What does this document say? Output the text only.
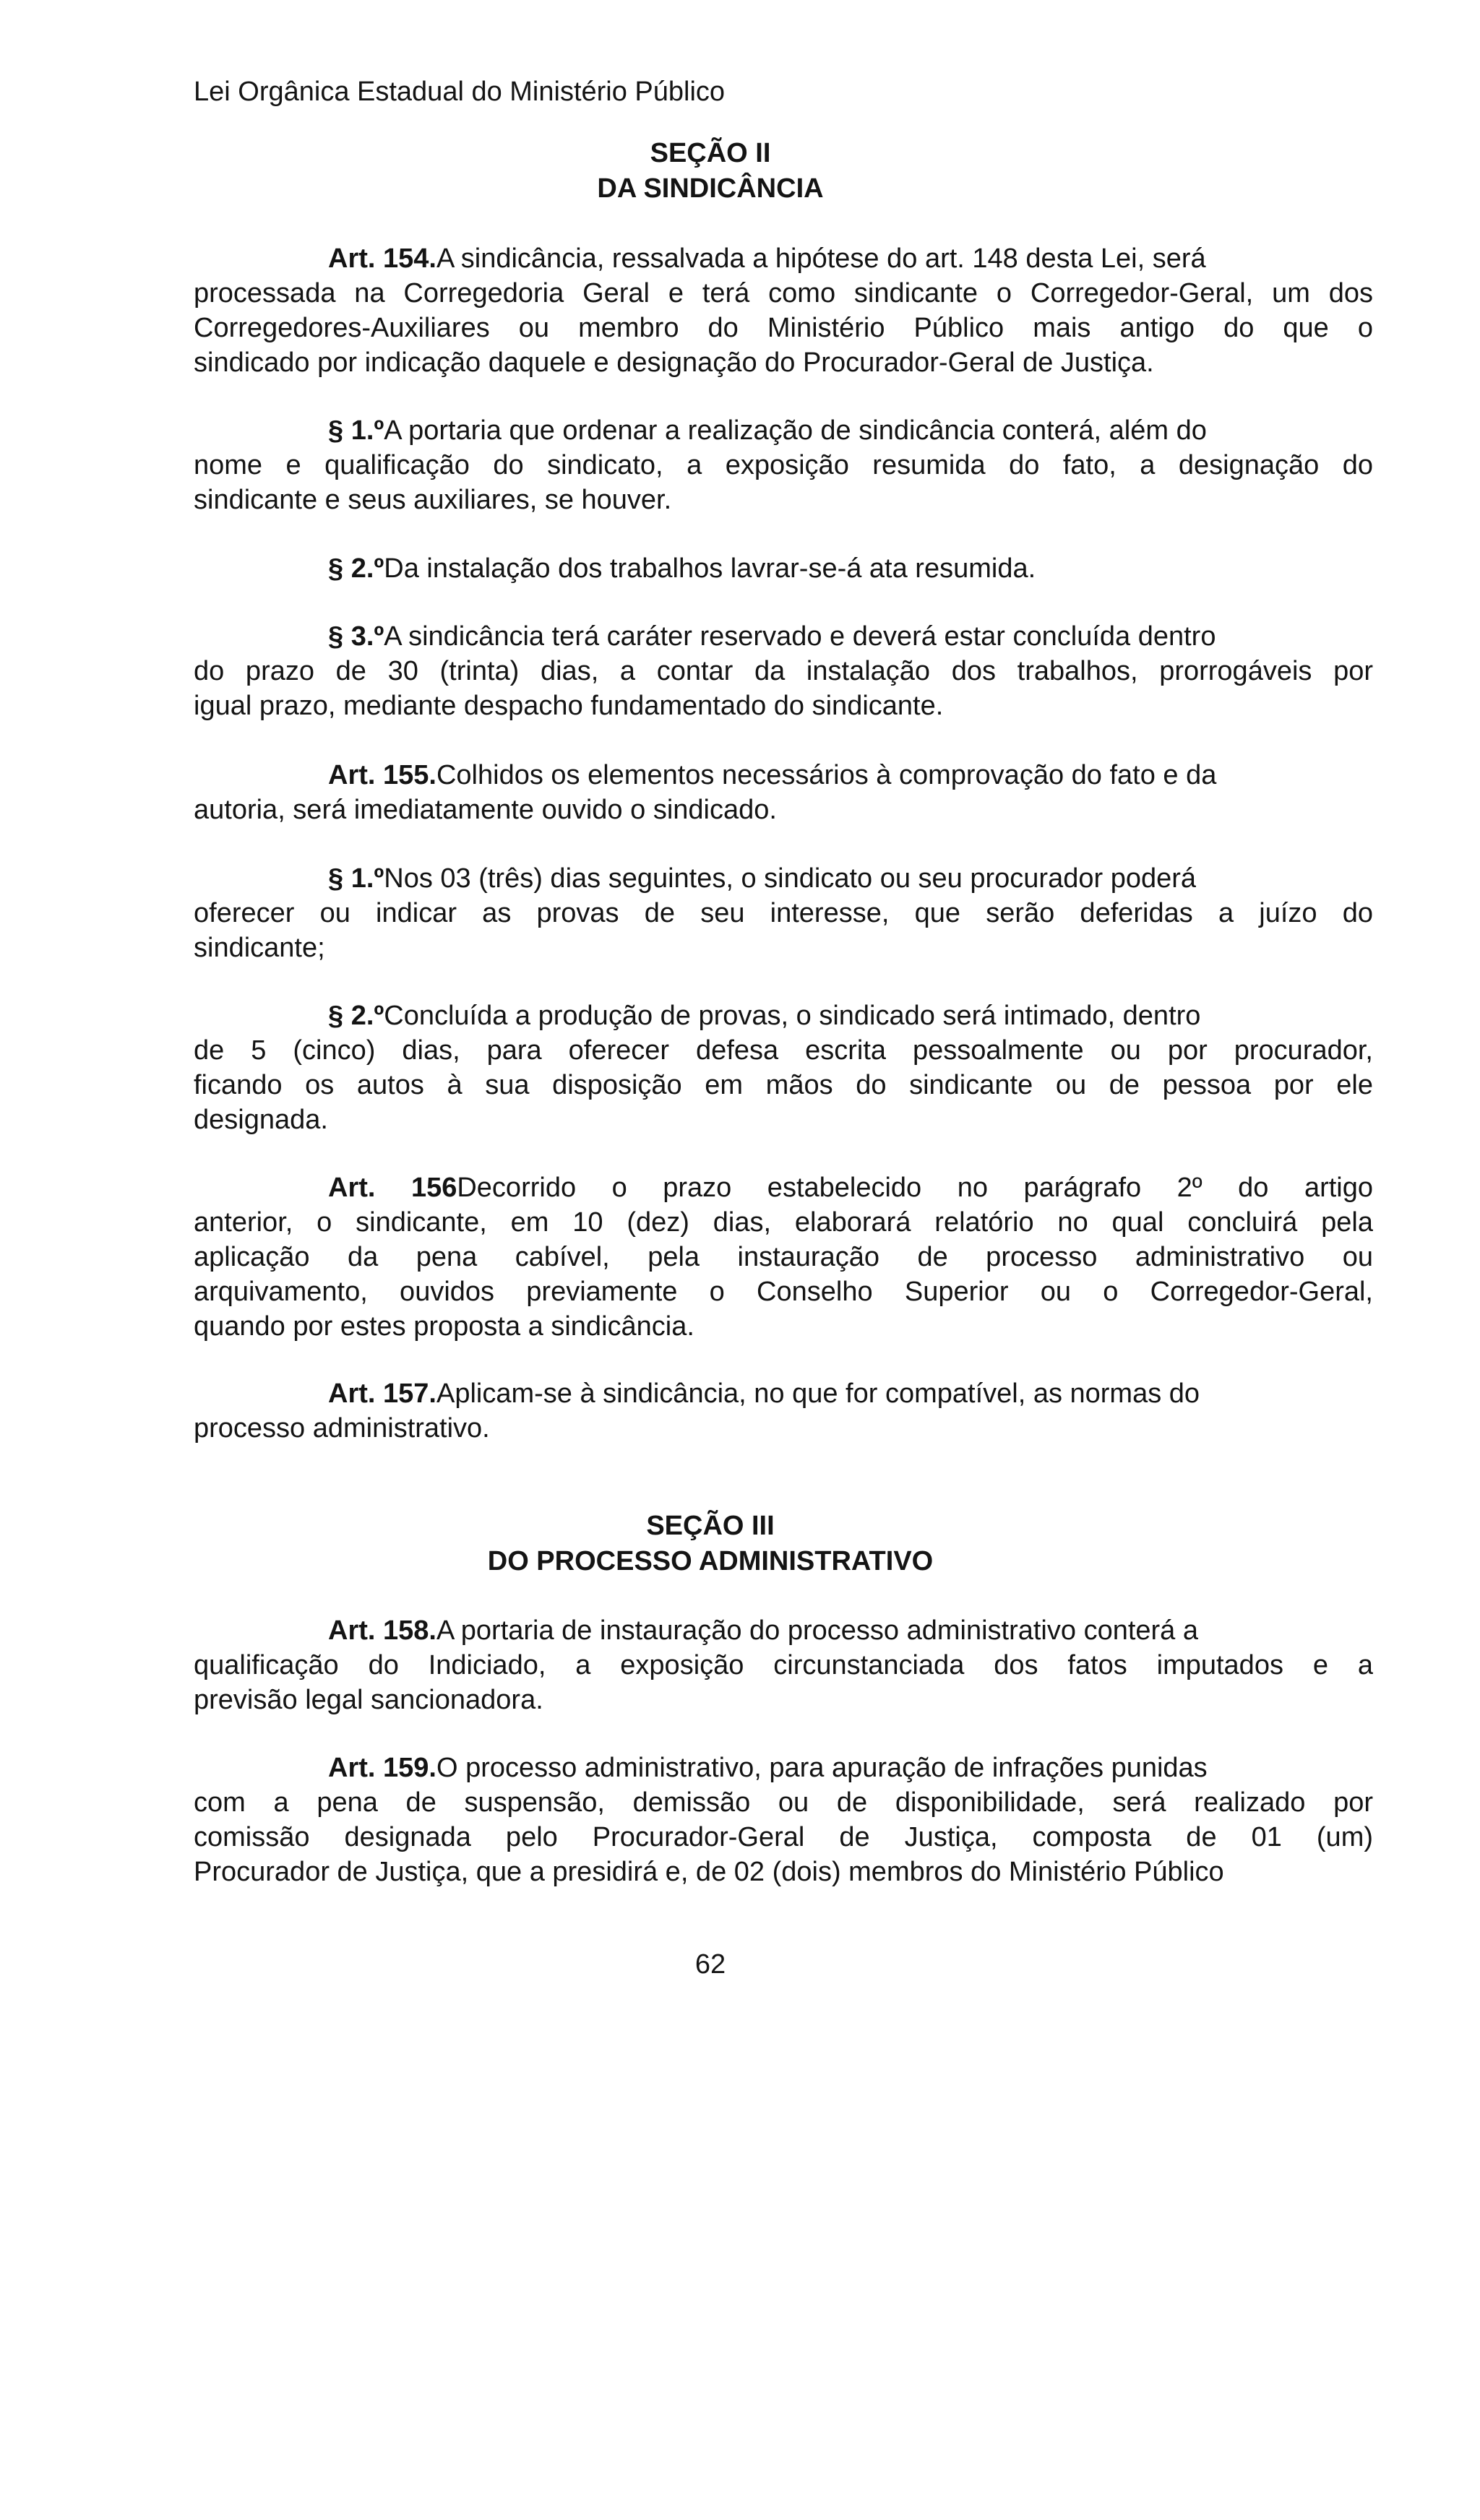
Lei Orgânica Estadual do Ministério Público
SEÇÃO II
DA SINDICÂNCIA
Art. 154.A sindicância, ressalvada a hipótese do art. 148 desta Lei, será
processada na Corregedoria Geral e terá como sindicante o Corregedor-Geral, um dos
Corregedores-Auxiliares ou membro do Ministério Público mais antigo do que o
sindicado por indicação daquele e designação do Procurador-Geral de Justiça.
§ 1.ºA portaria que ordenar a realização de sindicância conterá, além do
nome e qualificação do sindicato, a exposição resumida do fato, a designação do
sindicante e seus auxiliares, se houver.
§ 2.ºDa instalação dos trabalhos lavrar-se-á ata resumida.
§ 3.ºA sindicância terá caráter reservado e deverá estar concluída dentro
do prazo de 30 (trinta) dias, a contar da instalação dos trabalhos, prorrogáveis por
igual prazo, mediante despacho fundamentado do sindicante.
Art. 155.Colhidos os elementos necessários à comprovação do fato e da
autoria, será imediatamente ouvido o sindicado.
§ 1.ºNos 03 (três) dias seguintes, o sindicato ou seu procurador poderá
oferecer ou indicar as provas de seu interesse, que serão deferidas a juízo do
sindicante;
§ 2.ºConcluída a produção de provas, o sindicado será intimado, dentro
de 5 (cinco) dias, para oferecer defesa escrita pessoalmente ou por procurador,
ficando os autos à sua disposição em mãos do sindicante ou de pessoa por ele
designada.
Art. 156Decorrido o prazo estabelecido no parágrafo 2º do artigo
anterior, o sindicante, em 10 (dez) dias, elaborará relatório no qual concluirá pela
aplicação da pena cabível, pela instauração de processo administrativo ou
arquivamento, ouvidos previamente o Conselho Superior ou o Corregedor-Geral,
quando por estes proposta a sindicância.
Art. 157.Aplicam-se à sindicância, no que for compatível, as normas do
processo administrativo.
SEÇÃO III
DO PROCESSO ADMINISTRATIVO
Art. 158.A portaria de instauração do processo administrativo conterá a
qualificação do Indiciado, a exposição circunstanciada dos fatos imputados e a
previsão legal sancionadora.
Art. 159.O processo administrativo, para apuração de infrações punidas
com a pena de suspensão, demissão ou de disponibilidade, será realizado por
comissão designada pelo Procurador-Geral de Justiça, composta de 01 (um)
Procurador de Justiça, que a presidirá e, de 02 (dois) membros do Ministério Público
62
